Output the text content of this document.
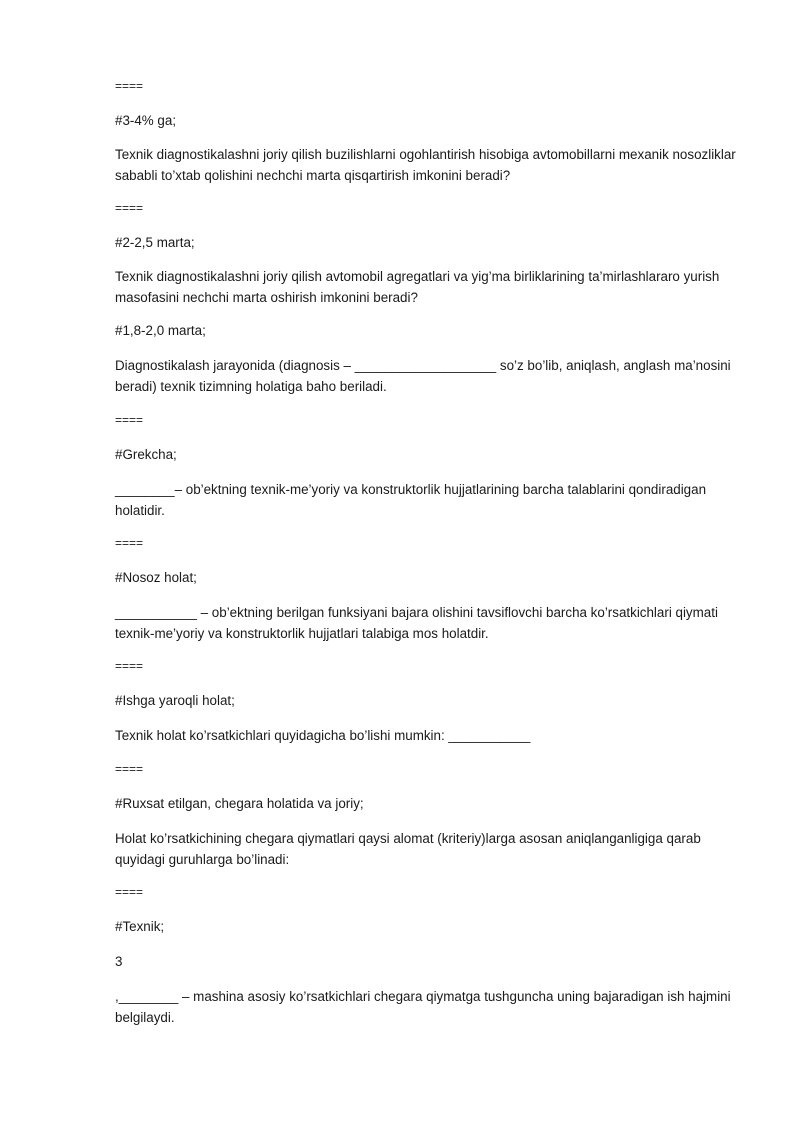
====
#3-4% ga;
Texnik diagnostikalashni joriy qilish buzilishlarni ogohlantirish hisobiga avtomobillarni mexanik nosozliklar sababli to’xtab qolishini nechchi marta qisqartirish imkonini beradi?
====
#2-2,5 marta;
Texnik diagnostikalashni joriy qilish avtomobil agregatlari va yig’ma birliklarining ta’mirlashlararo yurish masofasini nechchi marta oshirish imkonini beradi?
#1,8-2,0 marta;
Diagnostikalash jarayonida (diagnosis – ___________________ so’z bo’lib, aniqlash, anglash ma’nosini beradi) texnik tizimning holatiga baho beriladi.
====
#Grekcha;
________– ob’ektning texnik-me’yoriy va konstruktorlik hujjatlarining barcha talablarini qondiradigan holatidir.
====
#Nosoz holat;
___________ – ob’ektning berilgan funksiyani bajara olishini tavsiflovchi barcha ko’rsatkichlari qiymati texnik-me’yoriy va konstruktorlik hujjatlari talabiga mos holatdir.
====
#Ishga yaroqli holat;
Texnik holat ko’rsatkichlari quyidagicha bo’lishi mumkin: ___________
====
#Ruxsat etilgan, chegara holatida va joriy;
Holat ko’rsatkichining chegara qiymatlari qaysi alomat (kriteriy)larga asosan aniqlanganligiga qarab quyidagi guruhlarga bo’linadi:
====
#Texnik;
3
,________ – mashina asosiy ko’rsatkichlari chegara qiymatga tushguncha uning bajaradigan ish hajmini belgilaydi.
